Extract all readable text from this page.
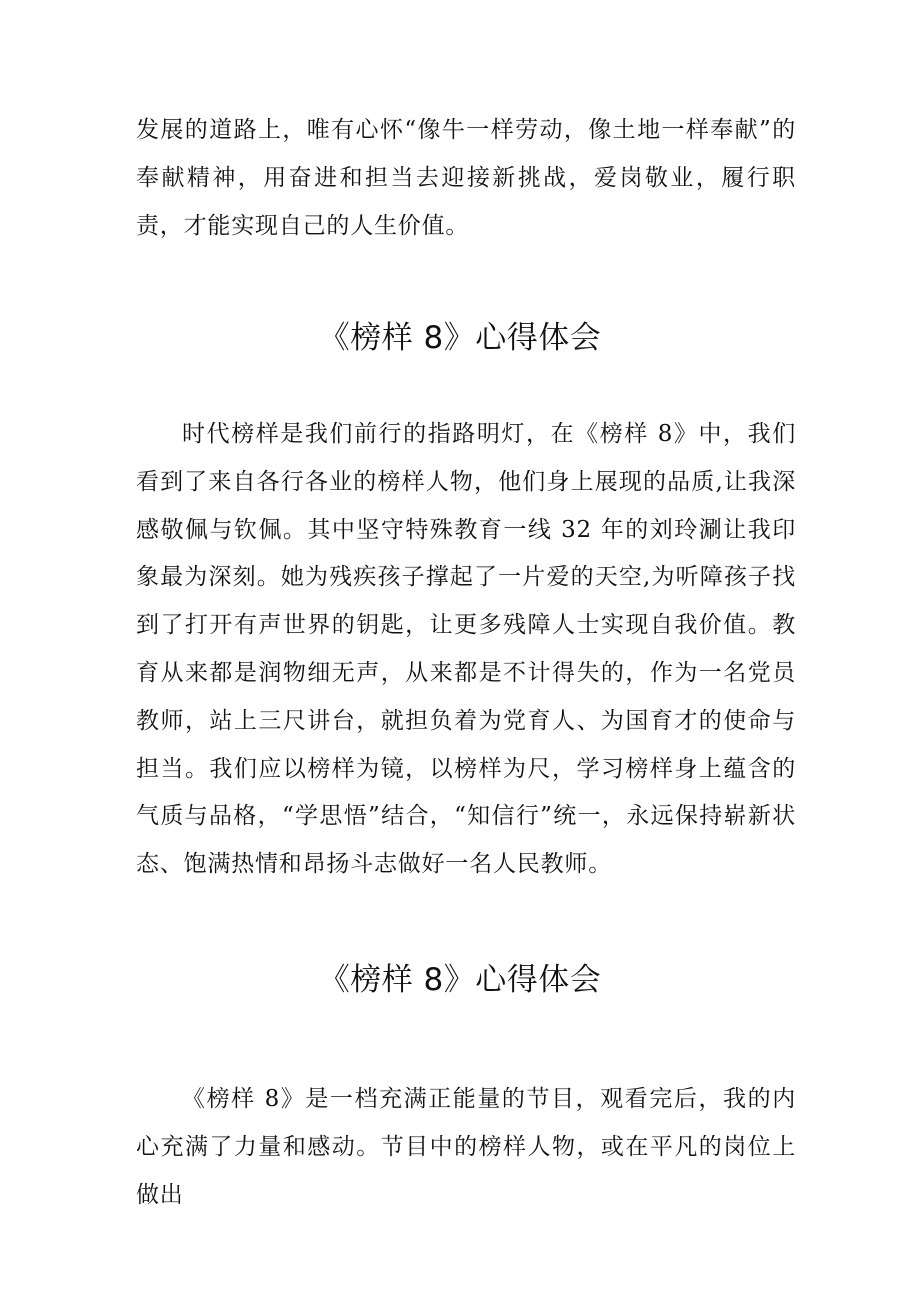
发展的道路上，唯有心怀“像牛一样劳动，像土地一样奉献”的奉献精神，用奋进和担当去迎接新挑战，爱岗敬业，履行职责，才能实现自己的人生价值。

《榜样 8》心得体会

时代榜样是我们前行的指路明灯，在《榜样 8》中，我们看到了来自各行各业的榜样人物，他们身上展现的品质,让我深感敬佩与钦佩。其中坚守特殊教育一线 32 年的刘玲涮让我印象最为深刻。她为残疾孩子撑起了一片爱的天空,为听障孩子找到了打开有声世界的钥匙，让更多残障人士实现自我价值。教育从来都是润物细无声，从来都是不计得失的，作为一名党员教师，站上三尺讲台，就担负着为党育人、为国育才的使命与担当。我们应以榜样为镜，以榜样为尺，学习榜样身上蕴含的气质与品格，“学思悟”结合，“知信行”统一，永远保持崭新状态、饱满热情和昂扬斗志做好一名人民教师。

《榜样 8》心得体会

《榜样 8》是一档充满正能量的节目，观看完后，我的内心充满了力量和感动。节目中的榜样人物，或在平凡的岗位上做出
